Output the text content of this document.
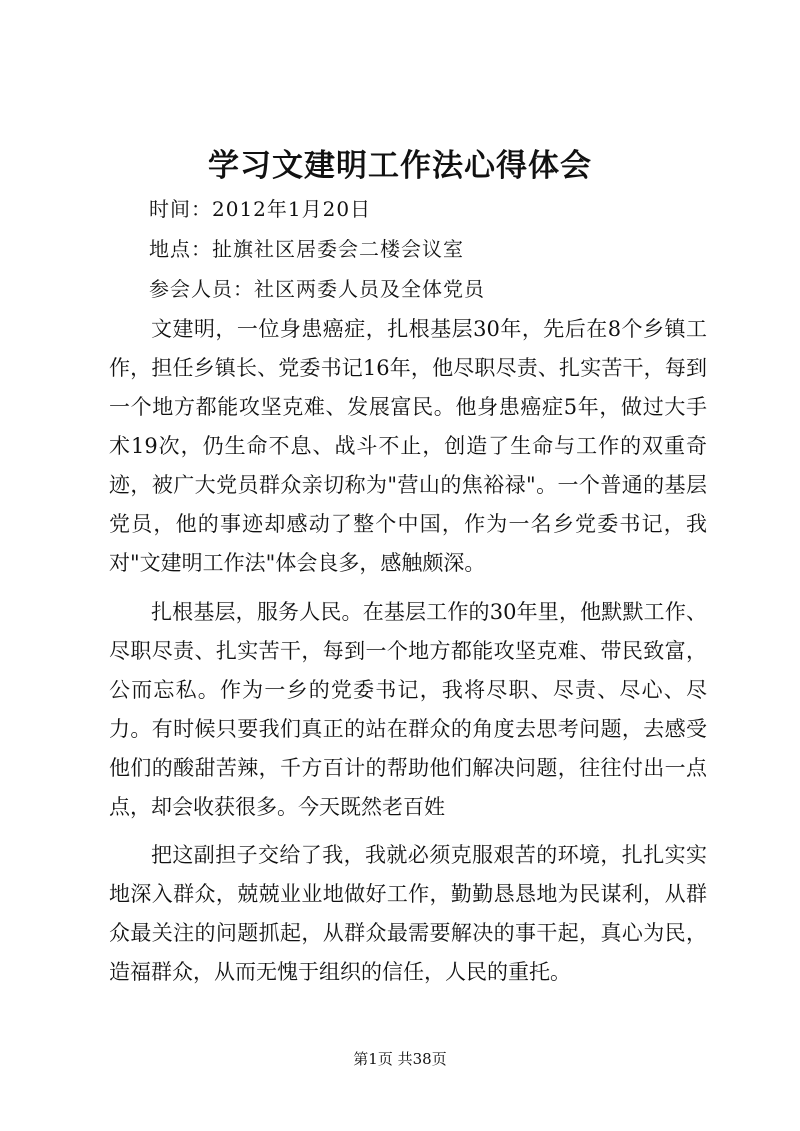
学习文建明工作法心得体会

时间：2012年1月20日

地点：扯旗社区居委会二楼会议室

参会人员：社区两委人员及全体党员

文建明，一位身患癌症，扎根基层30年，先后在8个乡镇工作，担任乡镇长、党委书记16年，他尽职尽责、扎实苦干，每到一个地方都能攻坚克难、发展富民。他身患癌症5年，做过大手术19次，仍生命不息、战斗不止，创造了生命与工作的双重奇迹，被广大党员群众亲切称为"营山的焦裕禄"。一个普通的基层党员，他的事迹却感动了整个中国，作为一名乡党委书记，我对"文建明工作法"体会良多，感触颇深。

扎根基层，服务人民。在基层工作的30年里，他默默工作、尽职尽责、扎实苦干，每到一个地方都能攻坚克难、带民致富，公而忘私。作为一乡的党委书记，我将尽职、尽责、尽心、尽力。有时候只要我们真正的站在群众的角度去思考问题，去感受他们的酸甜苦辣，千方百计的帮助他们解决问题，往往付出一点点，却会收获很多。今天既然老百姓

把这副担子交给了我，我就必须克服艰苦的环境，扎扎实实地深入群众，兢兢业业地做好工作，勤勤恳恳地为民谋利，从群众最关注的问题抓起，从群众最需要解决的事干起，真心为民，造福群众，从而无愧于组织的信任，人民的重托。

第1页 共38页
